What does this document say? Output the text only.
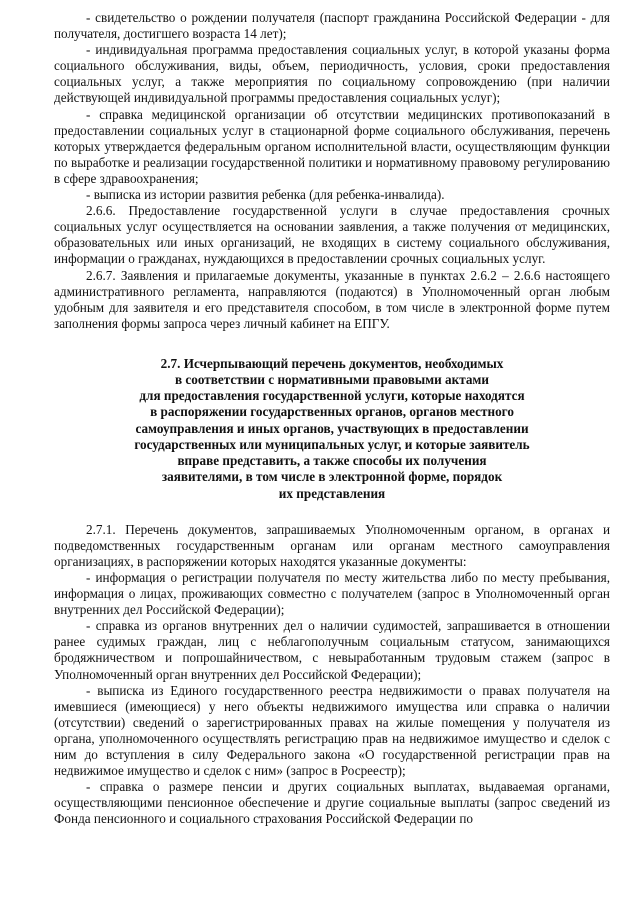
- свидетельство о рождении получателя (паспорт гражданина Российской Федерации - для получателя, достигшего возраста 14 лет);

- индивидуальная программа предоставления социальных услуг, в которой указаны форма социального обслуживания, виды, объем, периодичность, условия, сроки предоставления социальных услуг, а также мероприятия по социальному сопровождению (при наличии действующей индивидуальной программы предоставления социальных услуг);

- справка медицинской организации об отсутствии медицинских противопоказаний в предоставлении социальных услуг в стационарной форме социального обслуживания, перечень которых утверждается федеральным органом исполнительной власти, осуществляющим функции по выработке и реализации государственной политики и нормативному правовому регулированию в сфере здравоохранения;

- выписка из истории развития ребенка (для ребенка-инвалида).

2.6.6. Предоставление государственной услуги в случае предоставления срочных социальных услуг осуществляется на основании заявления, а также получения от медицинских, образовательных или иных организаций, не входящих в систему социального обслуживания, информации о гражданах, нуждающихся в предоставлении срочных социальных услуг.

2.6.7. Заявления и прилагаемые документы, указанные в пунктах 2.6.2 – 2.6.6 настоящего административного регламента, направляются (подаются) в Уполномоченный орган любым удобным для заявителя и его представителя способом, в том числе в электронной форме путем заполнения формы запроса через личный кабинет на ЕПГУ.

2.7. Исчерпывающий перечень документов, необходимых
в соответствии с нормативными правовыми актами
для предоставления государственной услуги, которые находятся
в распоряжении государственных органов, органов местного
самоуправления и иных органов, участвующих в предоставлении
государственных или муниципальных услуг, и которые заявитель
вправе представить, а также способы их получения
заявителями, в том числе в электронной форме, порядок
их представления

2.7.1. Перечень документов, запрашиваемых Уполномоченным органом, в органах и подведомственных государственным органам или органам местного самоуправления организациях, в распоряжении которых находятся указанные документы:

- информация о регистрации получателя по месту жительства либо по месту пребывания, информация о лицах, проживающих совместно с получателем (запрос в Уполномоченный орган внутренних дел Российской Федерации);

- справка из органов внутренних дел о наличии судимостей, запрашивается в отношении ранее судимых граждан, лиц с неблагополучным социальным статусом, занимающихся бродяжничеством и попрошайничеством, с невыработанным трудовым стажем (запрос в Уполномоченный орган внутренних дел Российской Федерации);

- выписка из Единого государственного реестра недвижимости о правах получателя на имевшиеся (имеющиеся) у него объекты недвижимого имущества или справка о наличии (отсутствии) сведений о зарегистрированных правах на жилые помещения у получателя из органа, уполномоченного осуществлять регистрацию прав на недвижимое имущество и сделок с ним до вступления в силу Федерального закона «О государственной регистрации прав на недвижимое имущество и сделок с ним» (запрос в Росреестр);

- справка о размере пенсии и других социальных выплатах, выдаваемая органами, осуществляющими пенсионное обеспечение и другие социальные выплаты (запрос сведений из Фонда пенсионного и социального страхования Российской Федерации по
